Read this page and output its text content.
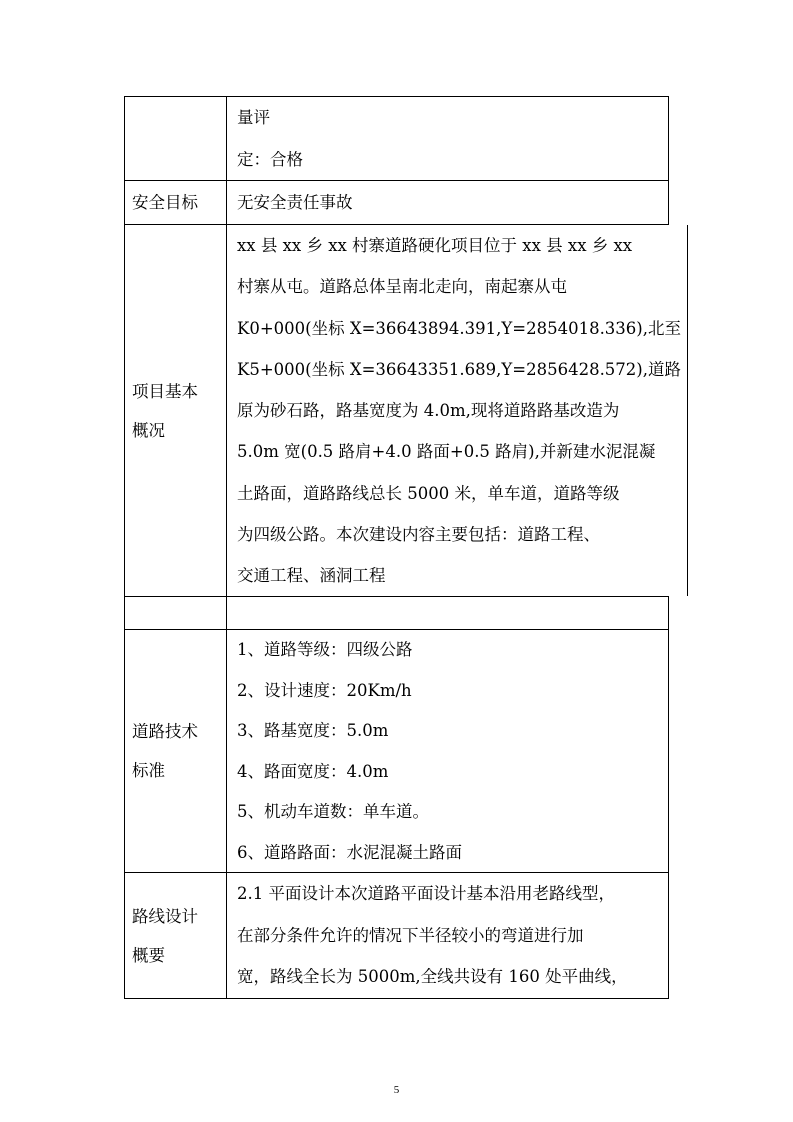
量评
定：合格
安全目标 无安全责任事故
项目基本
概况
xx 县 xx 乡 xx 村寨道路硬化项目位于 xx 县 xx 乡 xx
村寨从屯。道路总体呈南北走向，南起寨从屯
K0+000(坐标 X=36643894.391,Y=2854018.336),北至
K5+000(坐标 X=36643351.689,Y=2856428.572),道路
原为砂石路，路基宽度为 4.0m,现将道路路基改造为
5.0m 宽(0.5 路肩+4.0 路面+0.5 路肩),并新建水泥混凝
土路面，道路路线总长 5000 米，单车道，道路等级
为四级公路。本次建设内容主要包括：道路工程、
交通工程、涵洞工程
道路技术
标准
1、道路等级：四级公路
2、设计速度：20Km/h
3、路基宽度：5.0m
4、路面宽度：4.0m
5、机动车道数：单车道。
6、道路路面：水泥混凝土路面
路线设计
概要
2.1 平面设计本次道路平面设计基本沿用老路线型，
在部分条件允许的情况下半径较小的弯道进行加
宽，路线全长为 5000m,全线共设有 160 处平曲线，
5
